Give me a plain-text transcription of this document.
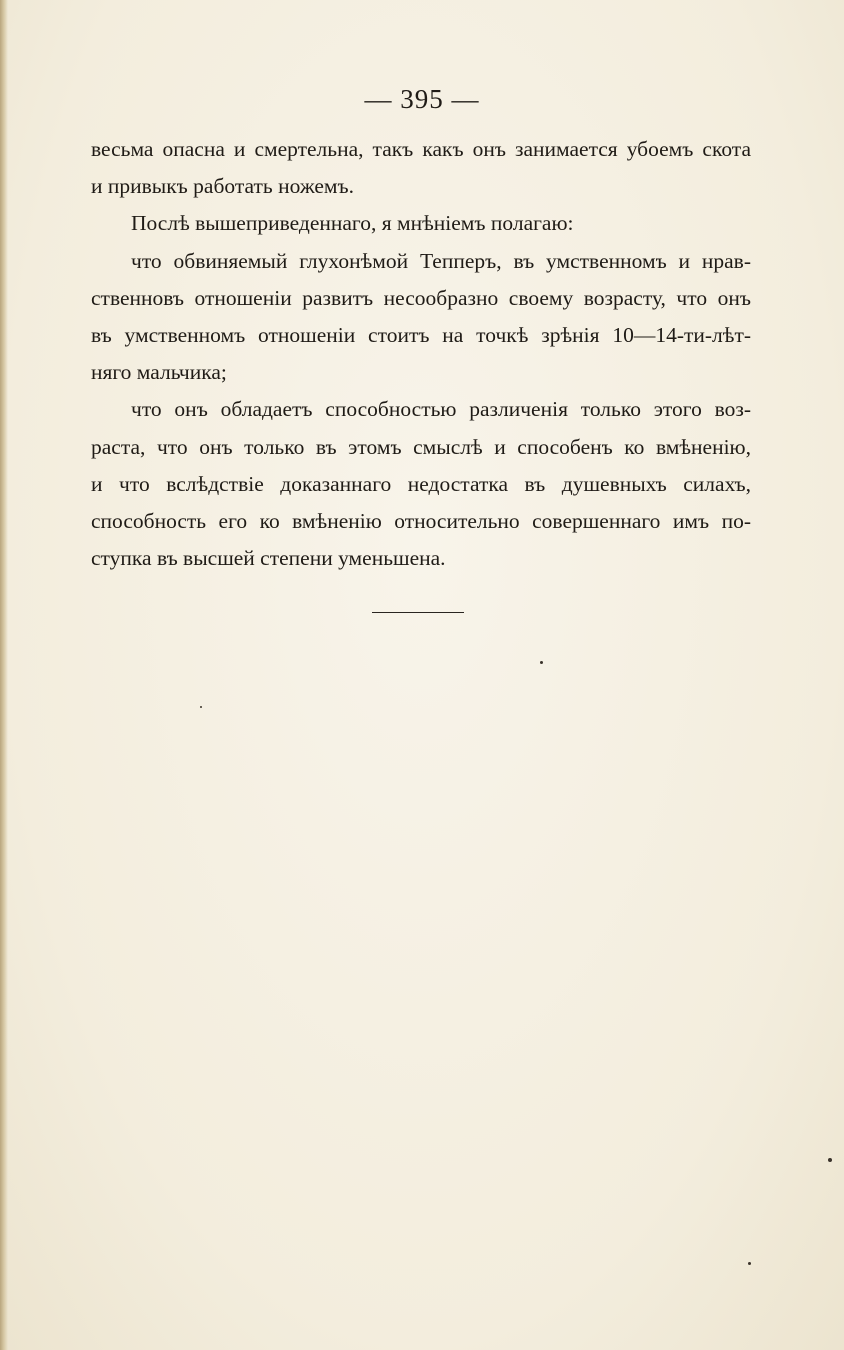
— 395 —

весьма опасна и смертельна, такъ какъ онъ занимается убоемъ скота

и привыкъ работать ножемъ.

Послѣ вышеприведеннаго, я мнѣніемъ полагаю:

что обвиняемый глухонѣмой Тепперъ, въ умственномъ и нрав-

ственновъ отношеніи развитъ несообразно своему возрасту, что онъ

въ умственномъ отношеніи стоитъ на точкѣ зрѣнія 10—14-ти-лѣт-

няго мальчика;

что онъ обладаетъ способностью различенія только этого воз-

раста, что онъ только въ этомъ смыслѣ и способенъ ко вмѣненію,

и что вслѣдствіе доказаннаго недостатка въ душевныхъ силахъ,

способность его ко вмѣненію относительно совершеннаго имъ по-

ступка въ высшей степени уменьшена.
